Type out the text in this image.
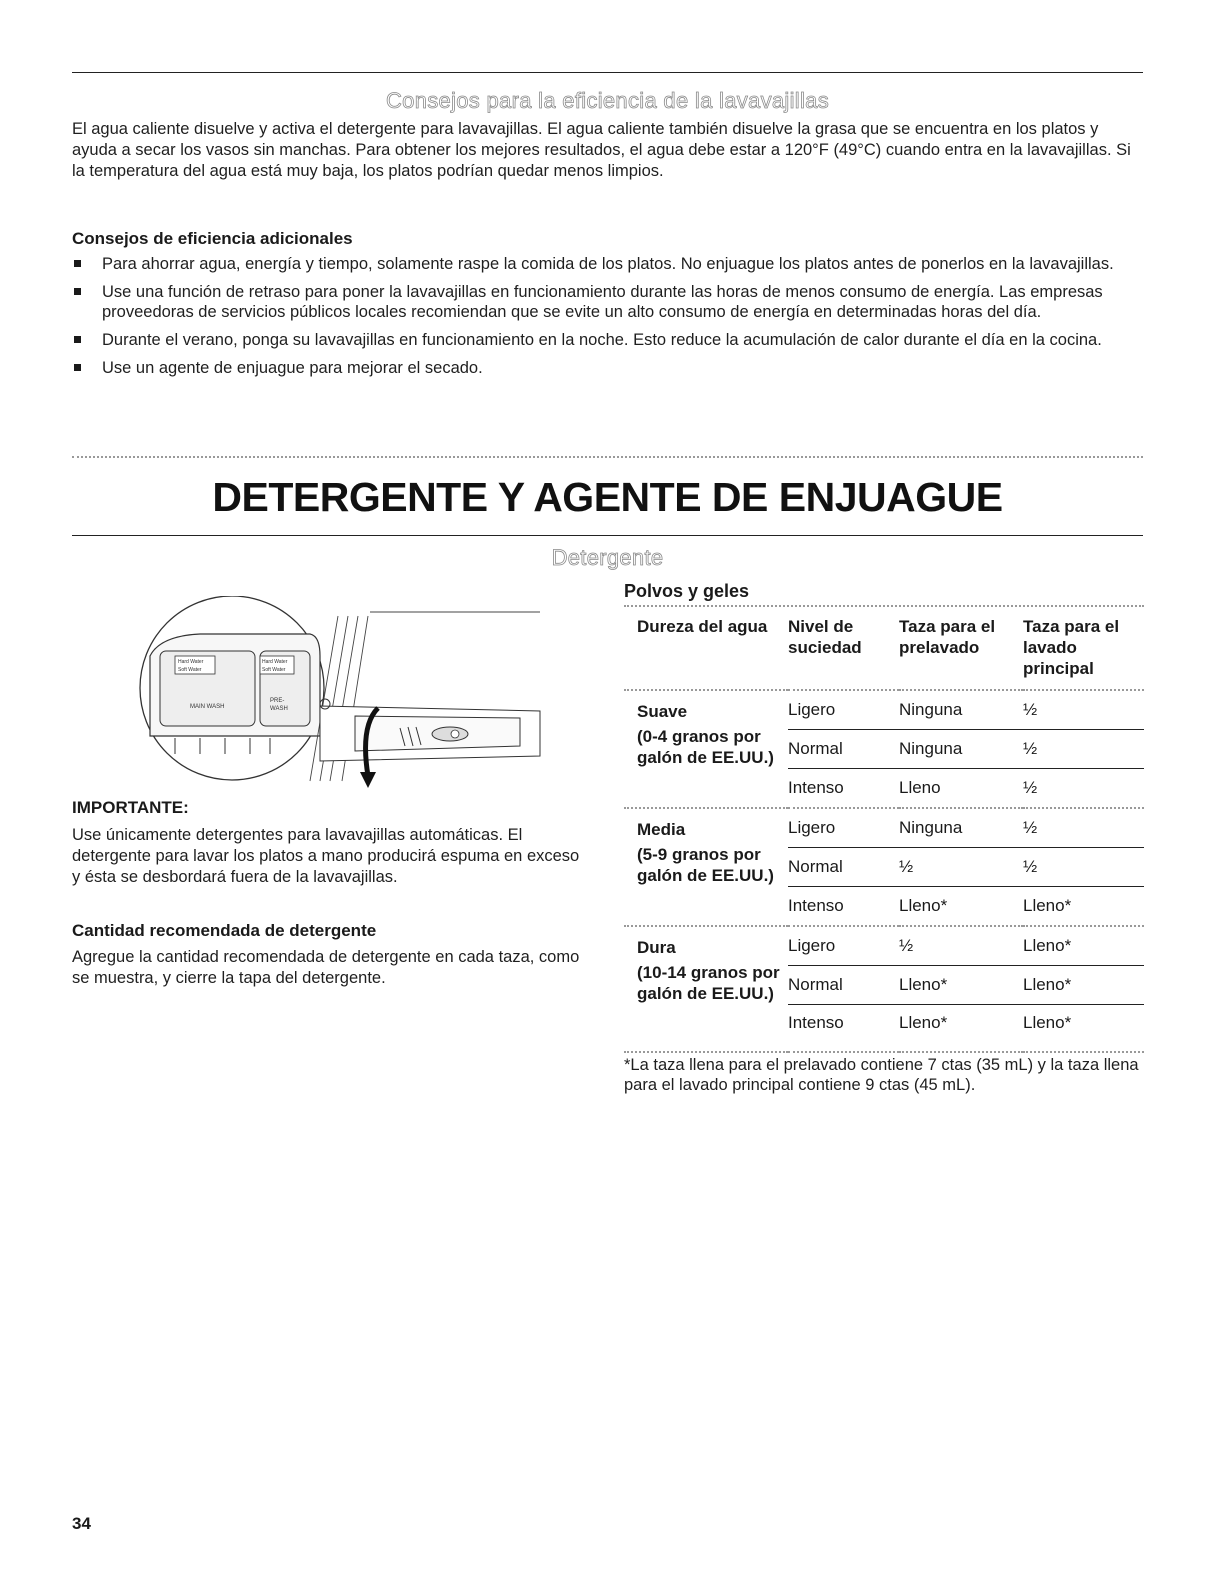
Consejos para la eficiencia de la lavavajillas
El agua caliente disuelve y activa el detergente para lavavajillas. El agua caliente también disuelve la grasa que se encuentra en los platos y ayuda a secar los vasos sin manchas. Para obtener los mejores resultados, el agua debe estar a 120°F (49°C) cuando entra en la lavavajillas. Si la temperatura del agua está muy baja, los platos podrían quedar menos limpios.
Consejos de eficiencia adicionales
Para ahorrar agua, energía y tiempo, solamente raspe la comida de los platos. No enjuague los platos antes de ponerlos en la lavavajillas.
Use una función de retraso para poner la lavavajillas en funcionamiento durante las horas de menos consumo de energía. Las empresas proveedoras de servicios públicos locales recomiendan que se evite un alto consumo de energía en determinadas horas del día.
Durante el verano, ponga su lavavajillas en funcionamiento en la noche. Esto reduce la acumulación de calor durante el día en la cocina.
Use un agente de enjuague para mejorar el secado.
DETERGENTE Y AGENTE DE ENJUAGUE
Detergente
Hard Water
Soft Water
Hard Water
Soft Water
MAIN WASH
PRE-
WASH
IMPORTANTE:
Use únicamente detergentes para lavavajillas automáticas. El detergente para lavar los platos a mano producirá espuma en exceso y ésta se desbordará fuera de la lavavajillas.
Cantidad recomendada de detergente
Agregue la cantidad recomendada de detergente en cada taza, como se muestra, y cierre la tapa del detergente.
Polvos y geles
Dureza del agua	Nivel de suciedad	Taza para el prelavado	Taza para el lavado principal

Suave
(0-4 granos por galón de EE.UU.)	Ligero	Ninguna	½
	Normal	Ninguna	½
	Intenso	Lleno	½

Media
(5-9 granos por galón de EE.UU.)	Ligero	Ninguna	½
	Normal	½	½
	Intenso	Lleno*	Lleno*

Dura
(10-14 granos por galón de EE.UU.)	Ligero	½	Lleno*
	Normal	Lleno*	Lleno*
	Intenso	Lleno*	Lleno*
*La taza llena para el prelavado contiene 7 ctas (35 mL) y la taza llena para el lavado principal contiene 9 ctas (45 mL).
34
